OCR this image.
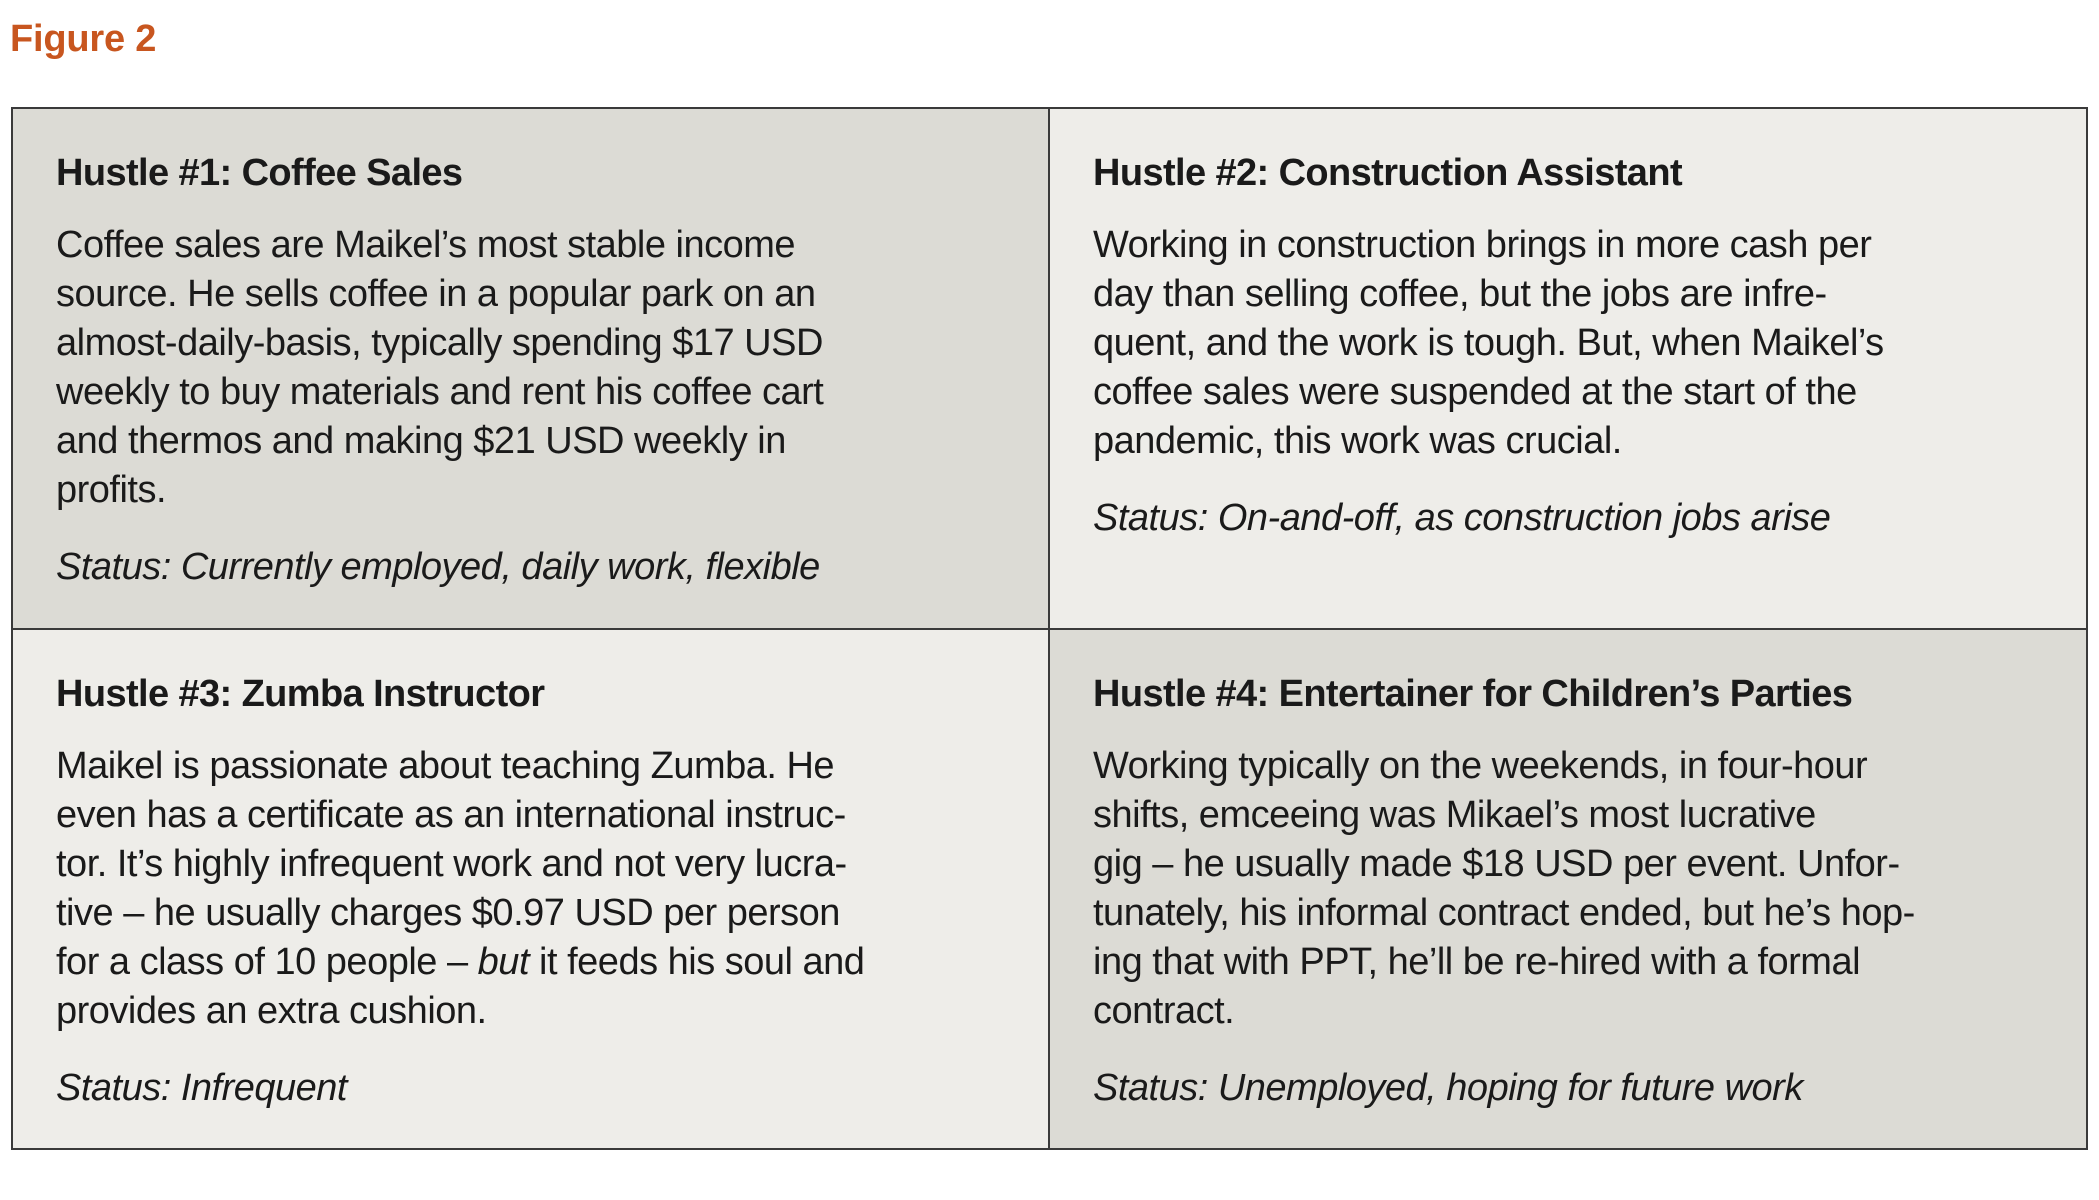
Figure 2
Hustle #1: Coffee Sales
Coffee sales are Maikel’s most stable income
source. He sells coffee in a popular park on an
almost-daily-basis, typically spending $17 USD
weekly to buy materials and rent his coffee cart
and thermos and making $21 USD weekly in
profits.
Status: Currently employed, daily work, flexible
Hustle #2: Construction Assistant
Working in construction brings in more cash per
day than selling coffee, but the jobs are infre-
quent, and the work is tough. But, when Maikel’s
coffee sales were suspended at the start of the
pandemic, this work was crucial.
Status: On-and-off, as construction jobs arise
Hustle #3: Zumba Instructor
Maikel is passionate about teaching Zumba. He
even has a certificate as an international instruc-
tor. It’s highly infrequent work and not very lucra-
tive – he usually charges $0.97 USD per person
for a class of 10 people – but it feeds his soul and
provides an extra cushion.
Status: Infrequent
Hustle #4: Entertainer for Children’s Parties
Working typically on the weekends, in four-hour
shifts, emceeing was Mikael’s most lucrative
gig – he usually made $18 USD per event. Unfor-
tunately, his informal contract ended, but he’s hop-
ing that with PPT, he’ll be re-hired with a formal
contract.
Status: Unemployed, hoping for future work
